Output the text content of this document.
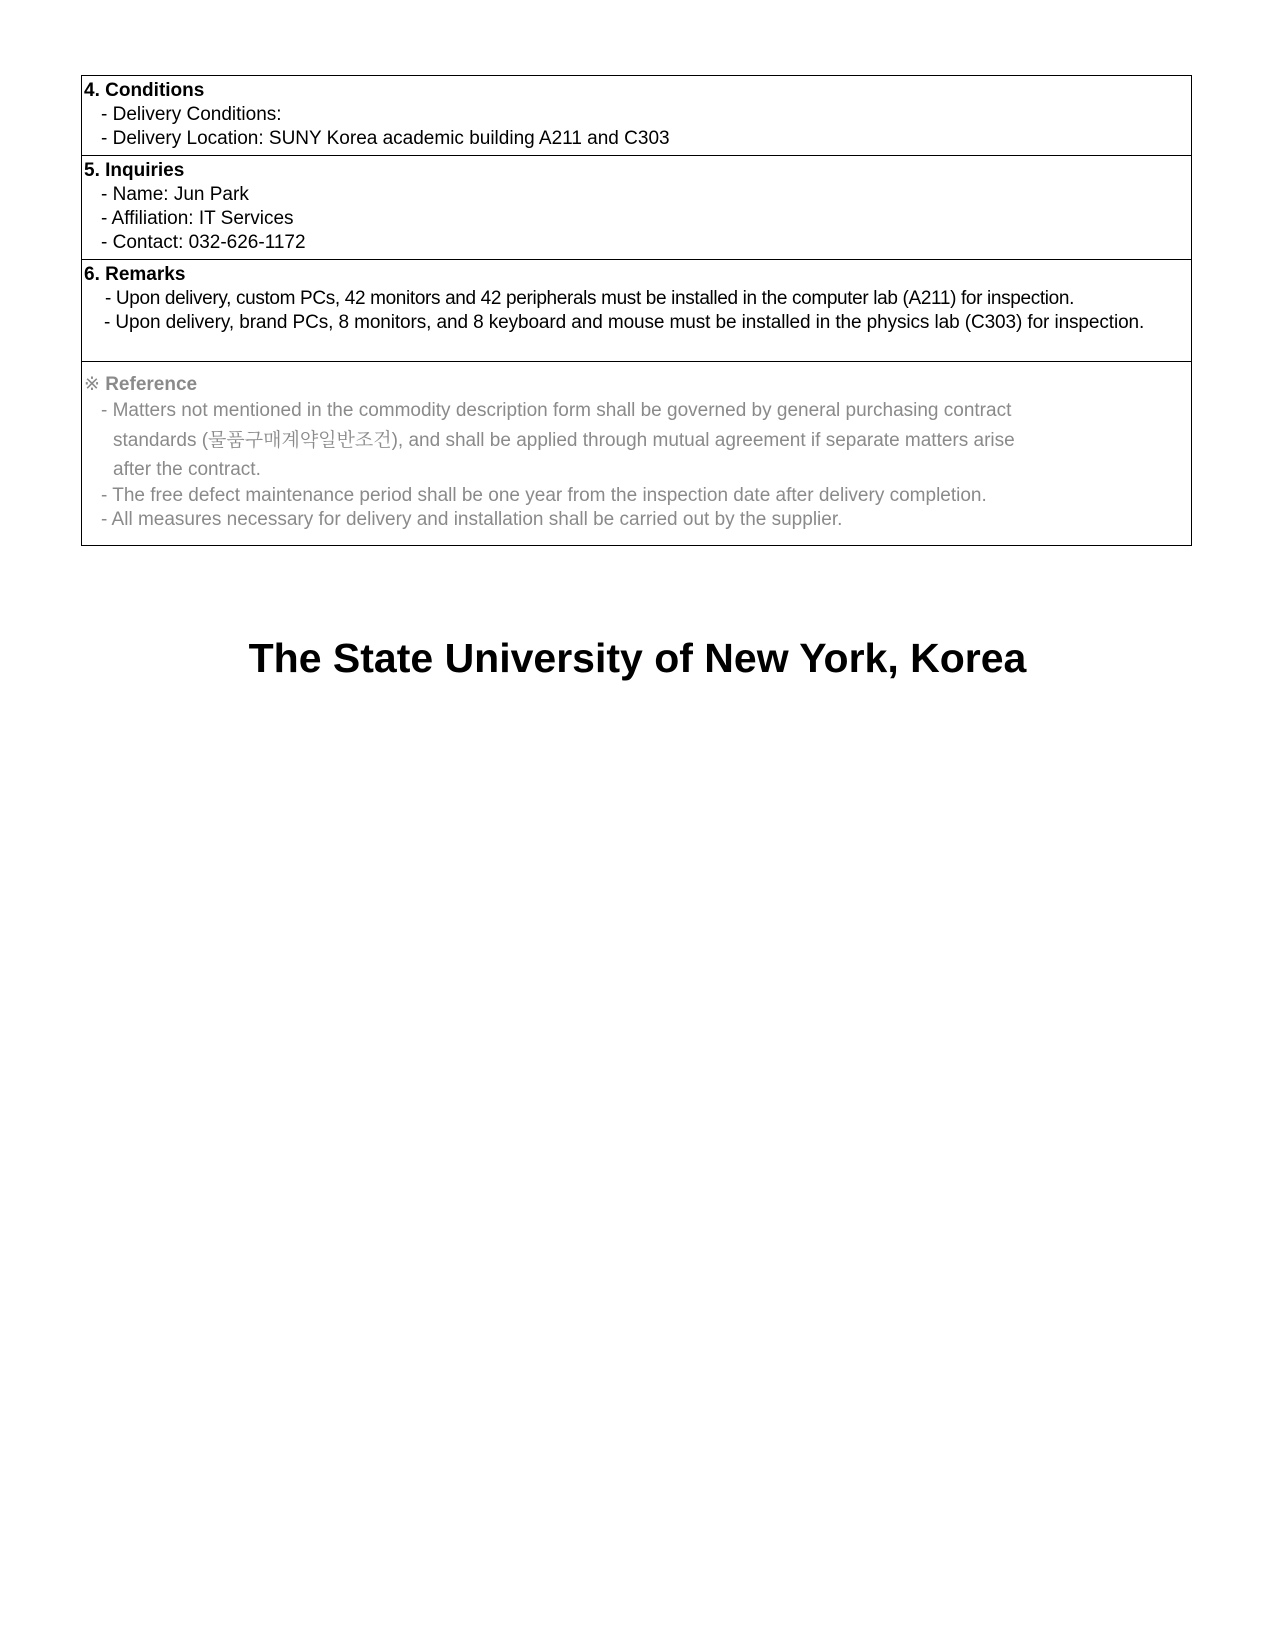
4. Conditions
- Delivery Conditions:
- Delivery Location: SUNY Korea academic building A211 and C303
5. Inquiries
- Name: Jun Park
- Affiliation: IT Services
- Contact: 032-626-1172
6. Remarks
- Upon delivery, custom PCs, 42 monitors and 42 peripherals must be installed in the computer lab (A211) for inspection.
- Upon delivery, brand PCs, 8 monitors, and 8 keyboard and mouse must be installed in the physics lab (C303) for inspection.
※ Reference
- Matters not mentioned in the commodity description form shall be governed by general purchasing contract
standards (물품구매계약일반조건), and shall be applied through mutual agreement if separate matters arise
after the contract.
- The free defect maintenance period shall be one year from the inspection date after delivery completion.
- All measures necessary for delivery and installation shall be carried out by the supplier.
The State University of New York, Korea
